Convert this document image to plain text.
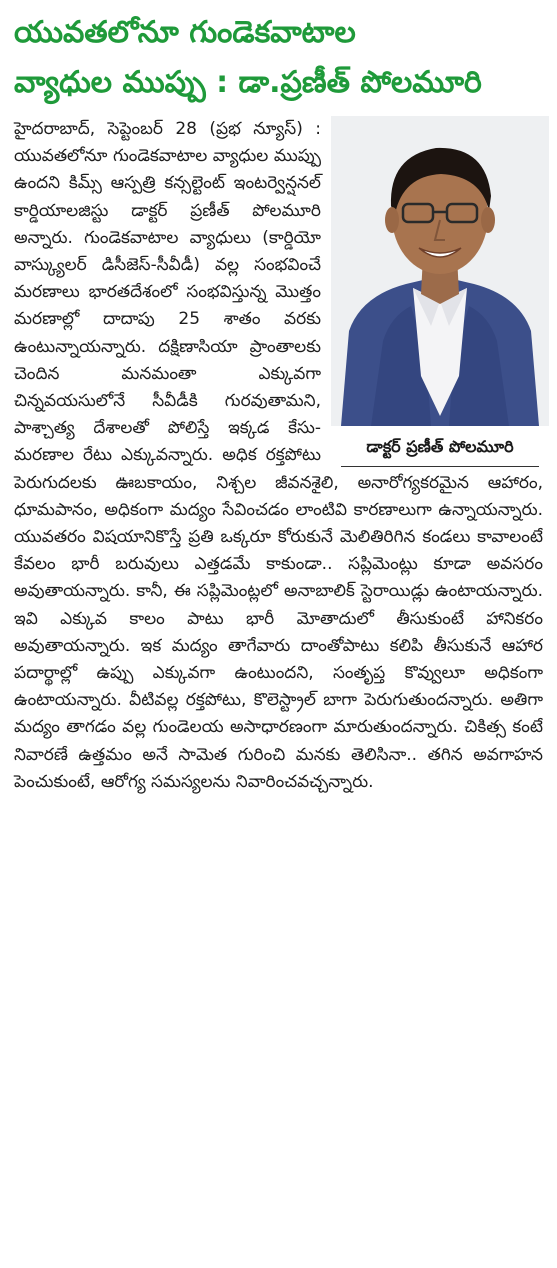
యువతలోనూ గుండెకవాటాల
వ్యాధుల ముప్పు : డా.ప్రణీత్ పోలమూరి
డాక్టర్ ప్రణీత్ పోలమూరి

హైదరాబాద్, సెప్టెంబర్ 28 (ప్రభ న్యూస్) : యువతలోనూ గుండెకవాటాల వ్యాధుల ముప్పు ఉందని కిమ్స్ ఆస్పత్రి కన్సల్టెంట్ ఇంటర్వెన్షనల్ కార్డియాలజిస్టు డాక్టర్ ప్రణీత్ పోలమూరి అన్నారు. గుండెకవాటాల వ్యాధులు (కార్డియో వాస్క్యులర్ డిసీజెస్-సీవీడీ) వల్ల సంభవించే మరణాలు భారతదేశంలో సంభవిస్తున్న మొత్తం మరణాల్లో దాదాపు 25 శాతం వరకు ఉంటున్నాయన్నారు. దక్షిణాసియా ప్రాంతాలకు చెందిన మనమంతా ఎక్కువగా చిన్నవయసులోనే సీవీడీకి గురవుతామని, పాశ్చాత్య దేశాలతో పోలిస్తే ఇక్కడ కేసు-మరణాల రేటు ఎక్కువన్నారు. అధిక రక్తపోటు పెరుగుదలకు ఊబకాయం, నిశ్చల జీవనశైలి, అనారోగ్యకరమైన ఆహారం, ధూమపానం, అధికంగా మద్యం సేవించడం లాంటివి కారణాలుగా ఉన్నాయన్నారు. యువతరం విషయానికొస్తే ప్రతి ఒక్కరూ కోరుకునే మెలితిరిగిన కండలు కావాలంటే కేవలం భారీ బరువులు ఎత్తడమే కాకుండా.. సప్లిమెంట్లు కూడా అవసరం అవుతాయన్నారు. కానీ, ఈ సప్లిమెంట్లలో అనాబాలిక్ స్టెరాయిడ్లు ఉంటాయన్నారు. ఇవి ఎక్కువ కాలం పాటు భారీ మోతాదులో తీసుకుంటే హానికరం అవుతాయన్నారు. ఇక మద్యం తాగేవారు దాంతోపాటు కలిపి తీసుకునే ఆహార పదార్థాల్లో ఉప్పు ఎక్కువగా ఉంటుందని, సంతృప్త కొవ్వులూ అధికంగా ఉంటాయన్నారు. వీటివల్ల రక్తపోటు, కొలెస్ట్రాల్ బాగా పెరుగుతుందన్నారు. అతిగా మద్యం తాగడం వల్ల గుండెలయ అసాధారణంగా మారుతుందన్నారు. చికిత్స కంటే నివారణే ఉత్తమం అనే సామెత గురించి మనకు తెలిసినా.. తగిన అవగాహన పెంచుకుంటే, ఆరోగ్య సమస్యలను నివారించవచ్చన్నారు.
